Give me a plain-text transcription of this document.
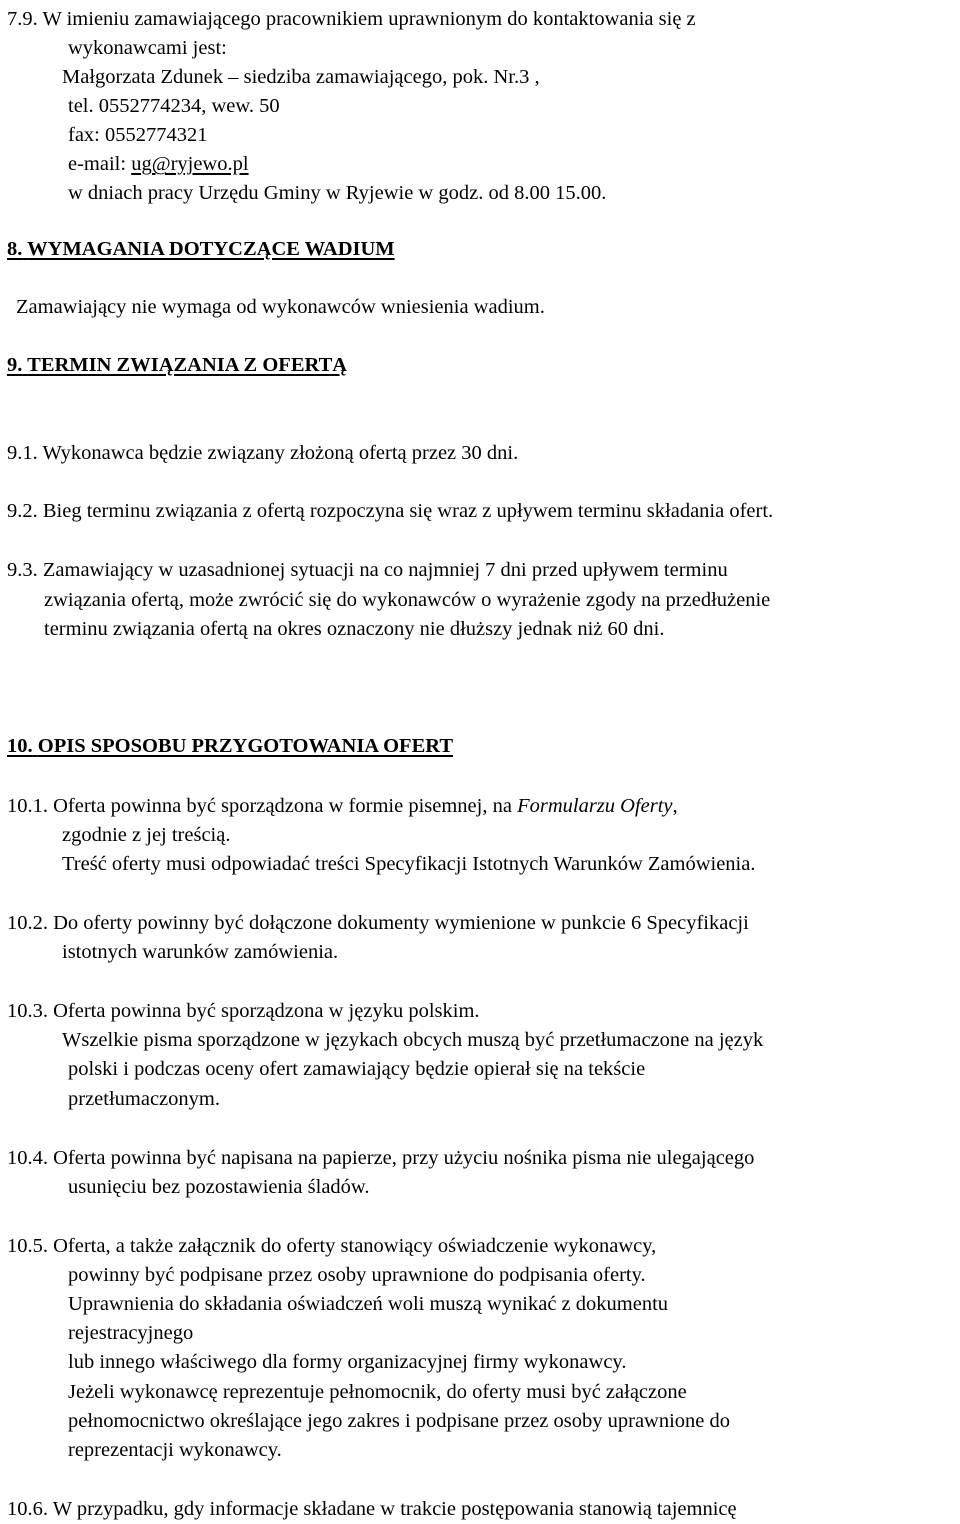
7.9. W imieniu zamawiającego pracownikiem uprawnionym do kontaktowania się z
wykonawcami jest:
Małgorzata Zdunek – siedziba zamawiającego, pok. Nr.3 ,
tel. 0552774234, wew. 50
fax: 0552774321
e-mail: ug@ryjewo.pl
w dniach pracy Urzędu Gminy w Ryjewie w godz. od 8.00 15.00.
8. WYMAGANIA DOTYCZĄCE WADIUM
Zamawiający nie wymaga od wykonawców wniesienia wadium.
9. TERMIN ZWIĄZANIA Z OFERTĄ
9.1. Wykonawca będzie związany złożoną ofertą przez 30 dni.
9.2. Bieg terminu związania z ofertą rozpoczyna się wraz z upływem terminu składania ofert.
9.3. Zamawiający w uzasadnionej sytuacji na co najmniej 7 dni przed upływem terminu
związania ofertą, może zwrócić się do wykonawców o wyrażenie zgody na przedłużenie
terminu związania ofertą na okres oznaczony nie dłuższy jednak niż 60 dni.
10. OPIS SPOSOBU PRZYGOTOWANIA OFERT
10.1. Oferta powinna być sporządzona w formie pisemnej, na Formularzu Oferty,
zgodnie z jej treścią.
Treść oferty musi odpowiadać treści Specyfikacji Istotnych Warunków Zamówienia.
10.2. Do oferty powinny być dołączone dokumenty wymienione w punkcie 6 Specyfikacji
istotnych warunków zamówienia.
10.3. Oferta powinna być sporządzona w języku polskim.
Wszelkie pisma sporządzone w językach obcych muszą być przetłumaczone na język
polski i podczas oceny ofert zamawiający będzie opierał się na tekście
przetłumaczonym.
10.4. Oferta powinna być napisana na papierze, przy użyciu nośnika pisma nie ulegającego
usunięciu bez pozostawienia śladów.
10.5. Oferta, a także załącznik do oferty stanowiący oświadczenie wykonawcy,
powinny być podpisane przez osoby uprawnione do podpisania oferty.
Uprawnienia do składania oświadczeń woli muszą wynikać z dokumentu
rejestracyjnego
lub innego właściwego dla formy organizacyjnej firmy wykonawcy.
Jeżeli wykonawcę reprezentuje pełnomocnik, do oferty musi być załączone
pełnomocnictwo określające jego zakres i podpisane przez osoby uprawnione do
reprezentacji wykonawcy.
10.6. W przypadku, gdy informacje składane w trakcie postępowania stanowią tajemnicę
